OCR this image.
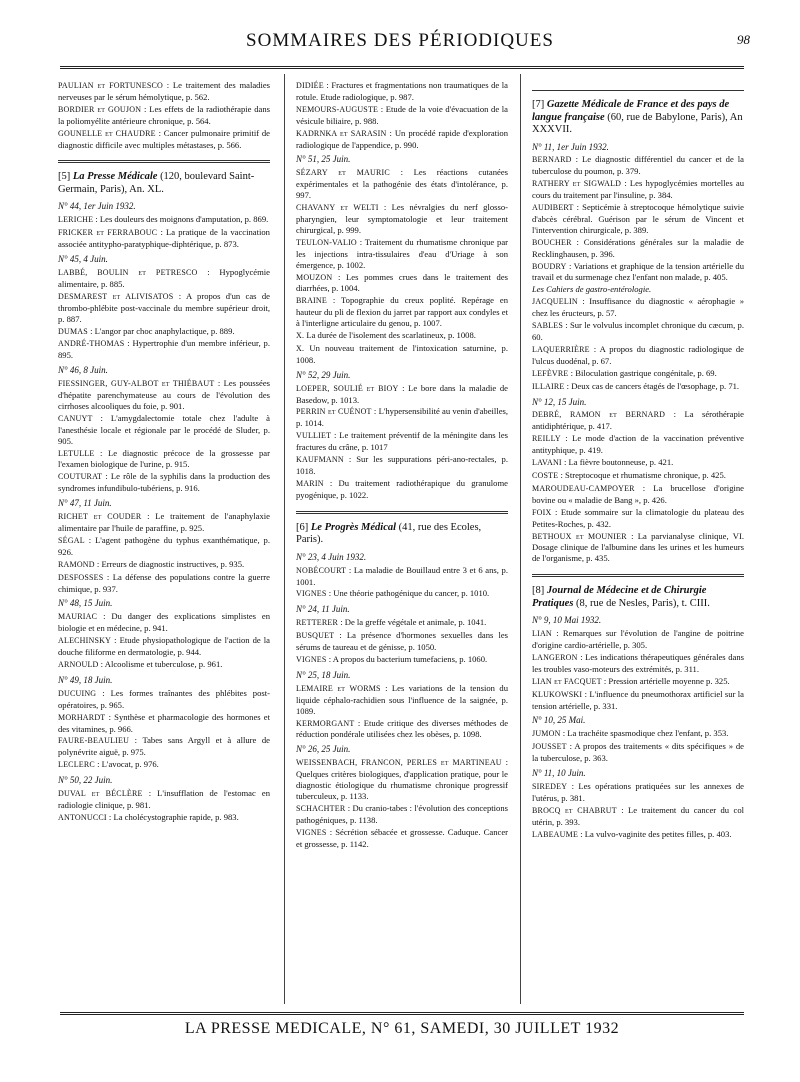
SOMMAIRES DES PÉRIODIQUES	98
PAULIAN et FORTUNESCO : Le traitement des maladies nerveuses par le sérum hémolytique, p. 562.
BORDIER et GOUJON : Les effets de la radiothérapie dans la poliomyélite antérieure chronique, p. 564.
GOUNELLE et CHAUDRE : Cancer pulmonaire primitif de diagnostic difficile avec multiples métastases, p. 566.
[5] La Presse Médicale (120, boulevard Saint-Germain, Paris), An. XL.
N° 44, 1er Juin 1932.
LERICHE : Les douleurs des moignons d'amputation, p. 869.
FRICKER et FERRABOUC : La pratique de la vaccination associée antitypho-paratyphique-diphtérique, p. 873.
N° 45, 4 Juin.
LABBÉ, BOULIN et PETRESCO : Hypoglycémie alimentaire, p. 885.
DESMAREST et ALIVISATOS : A propos d'un cas de thrombo-phlébite post-vaccinale du membre supérieur droit, p. 887.
DUMAS : L'angor par choc anaphylactique, p. 889.
ANDRÉ-THOMAS : Hypertrophie d'un membre inférieur, p. 895.
N° 46, 8 Juin.
FIESSINGER, GUY-ALBOT et THIÉBAUT : Les poussées d'hépatite parenchymateuse au cours de l'évolution des cirrhoses alcooliques du foie, p. 901.
CANUYT : L'amygdalectomie totale chez l'adulte à l'anesthésie locale et régionale par le procédé de Sluder, p. 905.
LETULLE : Le diagnostic précoce de la grossesse par l'examen biologique de l'urine, p. 915.
COUTURAT : Le rôle de la syphilis dans la production des syndromes infundibulo-tubériens, p. 916.
N° 47, 11 Juin.
RICHET et COUDER : Le traitement de l'anaphylaxie alimentaire par l'huile de paraffine, p. 925.
SÉGAL : L'agent pathogène du typhus exanthématique, p. 926.
RAMOND : Erreurs de diagnostic instructives, p. 935.
DESFOSSES : La défense des populations contre la guerre chimique, p. 937.
N° 48, 15 Juin.
MAURIAC : Du danger des explications simplistes en biologie et en médecine, p. 941.
ALECHINSKY : Etude physiopathologique de l'action de la douche filiforme en dermatologie, p. 944.
ARNOULD : Alcoolisme et tuberculose, p. 961.
N° 49, 18 Juin.
DUCUING : Les formes traînantes des phlébites post-opératoires, p. 965.
MORHARDT : Synthèse et pharmacologie des hormones et des vitamines, p. 966.
FAURE-BEAULIEU : Tabes sans Argyll et à allure de polynévrite aiguë, p. 975.
LECLERC : L'avocat, p. 976.
N° 50, 22 Juin.
DUVAL et BÉCLÈRE : L'insufflation de l'estomac en radiologie clinique, p. 981.
ANTONUCCI : La cholécystographie rapide, p. 983.
DIDIÉE : Fractures et fragmentations non traumatiques de la rotule. Etude radiologique, p. 987.
NEMOURS-AUGUSTE : Etude de la voie d'évacuation de la vésicule biliaire, p. 988.
KADRNKA et SARASIN : Un procédé rapide d'exploration radiologique de l'appendice, p. 990.
N° 51, 25 Juin.
SÉZARY et MAURIC : Les réactions cutanées expérimentales et la pathogénie des états d'intolérance, p. 997.
CHAVANY et WELTI : Les névralgies du nerf glosso-pharyngien, leur symptomatologie et leur traitement chirurgical, p. 999.
TEULON-VALIO : Traitement du rhumatisme chronique par les injections intra-tissulaires d'eau d'Uriage à son émergence, p. 1002.
MOUZON : Les pommes crues dans le traitement des diarrhées, p. 1004.
BRAINE : Topographie du creux poplité. Repérage en hauteur du pli de flexion du jarret par rapport aux condyles et à l'interligne articulaire du genou, p. 1007.
X. La durée de l'isolement des scarlatineux, p. 1008.
X. Un nouveau traitement de l'intoxication saturnine, p. 1008.
N° 52, 29 Juin.
LOEPER, SOULIÉ et BIOY : Le bore dans la maladie de Basedow, p. 1013.
PERRIN et CUÉNOT : L'hypersensibilité au venin d'abeilles, p. 1014.
VULLIET : Le traitement préventif de la méningite dans les fractures du crâne, p. 1017
KAUFMANN : Sur les suppurations péri-ano-rectales, p. 1018.
MARIN : Du traitement radiothérapique du granulome pyogénique, p. 1022.
[6] Le Progrès Médical (41, rue des Ecoles, Paris).
N° 23, 4 Juin 1932.
NOBÉCOURT : La maladie de Bouillaud entre 3 et 6 ans, p. 1001.
VIGNES : Une théorie pathogénique du cancer, p. 1010.
N° 24, 11 Juin.
RETTERER : De la greffe végétale et animale, p. 1041.
BUSQUET : La présence d'hormones sexuelles dans les sérums de taureau et de génisse, p. 1050.
VIGNES : A propos du bacterium tumefaciens, p. 1060.
N° 25, 18 Juin.
LEMAIRE et WORMS : Les variations de la tension du liquide céphalo-rachidien sous l'influence de la saignée, p. 1089.
KERMORGANT : Etude critique des diverses méthodes de réduction pondérale utilisées chez les obèses, p. 1098.
N° 26, 25 Juin.
WEISSENBACH, FRANCON, PERLES et MARTINEAU : Quelques critères biologiques, d'application pratique, pour le diagnostic étiologique du rhumatisme chronique progressif tuberculeux, p. 1133.
SCHACHTER : Du cranio-tabes : l'évolution des conceptions pathogéniques, p. 1138.
VIGNES : Sécrétion sébacée et grossesse. Caduque. Cancer et grossesse, p. 1142.
[7] Gazette Médicale de France et des pays de langue française (60, rue de Babylone, Paris), An XXXVII.
N° 11, 1er Juin 1932.
BERNARD : Le diagnostic différentiel du cancer et de la tuberculose du poumon, p. 379.
RATHERY et SIGWALD : Les hypoglycémies mortelles au cours du traitement par l'insuline, p. 384.
AUDIBERT : Septicémie à streptocoque hémolytique suivie d'abcès cérébral. Guérison par le sérum de Vincent et l'intervention chirurgicale, p. 389.
BOUCHER : Considérations générales sur la maladie de Recklinghausen, p. 396.
BOUDRY : Variations et graphique de la tension artérielle du travail et du surmenage chez l'enfant non malade, p. 405.
Les Cahiers de gastro-entérologie.
JACQUELIN : Insuffisance du diagnostic « aérophagie » chez les éructeurs, p. 57.
SABLES : Sur le volvulus incomplet chronique du cæcum, p. 60.
LAQUERRIÈRE : A propos du diagnostic radiologique de l'ulcus duodénal, p. 67.
LEFÈVRE : Biloculation gastrique congénitale, p. 69.
ILLAIRE : Deux cas de cancers étagés de l'œsophage, p. 71.
N° 12, 15 Juin.
DEBRÉ, RAMON et BERNARD : La sérothérapie antidiphtérique, p. 417.
REILLY : Le mode d'action de la vaccination préventive antityphique, p. 419.
LAVANI : La fièvre boutonneuse, p. 421.
COSTE : Streptocoque et rhumatisme chronique, p. 425.
MAROUDEAU-CAMPOYER : La brucellose d'origine bovine ou « maladie de Bang », p. 426.
FOIX : Etude sommaire sur la climatologie du plateau des Petites-Roches, p. 432.
BETHOUX et MOUNIER : La parvianalyse clinique, VI. Dosage clinique de l'albumine dans les urines et les humeurs de l'organisme, p. 435.
[8] Journal de Médecine et de Chirurgie Pratiques (8, rue de Nesles, Paris), t. CIII.
N° 9, 10 Mai 1932.
LIAN : Remarques sur l'évolution de l'angine de poitrine d'origine cardio-artérielle, p. 305.
LANGERON : Les indications thérapeutiques générales dans les troubles vaso-moteurs des extrémités, p. 311.
LIAN et FACQUET : Pression artérielle moyenne p. 325.
KLUKOWSKI : L'influence du pneumothorax artificiel sur la tension artérielle, p. 331.
N° 10, 25 Mai.
JUMON : La trachéite spasmodique chez l'enfant, p. 353.
JOUSSET : A propos des traitements « dits spécifiques » de la tuberculose, p. 363.
N° 11, 10 Juin.
SIREDEY : Les opérations pratiquées sur les annexes de l'utérus, p. 381.
BROCQ et CHABRUT : Le traitement du cancer du col utérin, p. 393.
LABEAUME : La vulvo-vaginite des petites filles, p. 403.
LA PRESSE MEDICALE, N° 61, SAMEDI, 30 JUILLET 1932
